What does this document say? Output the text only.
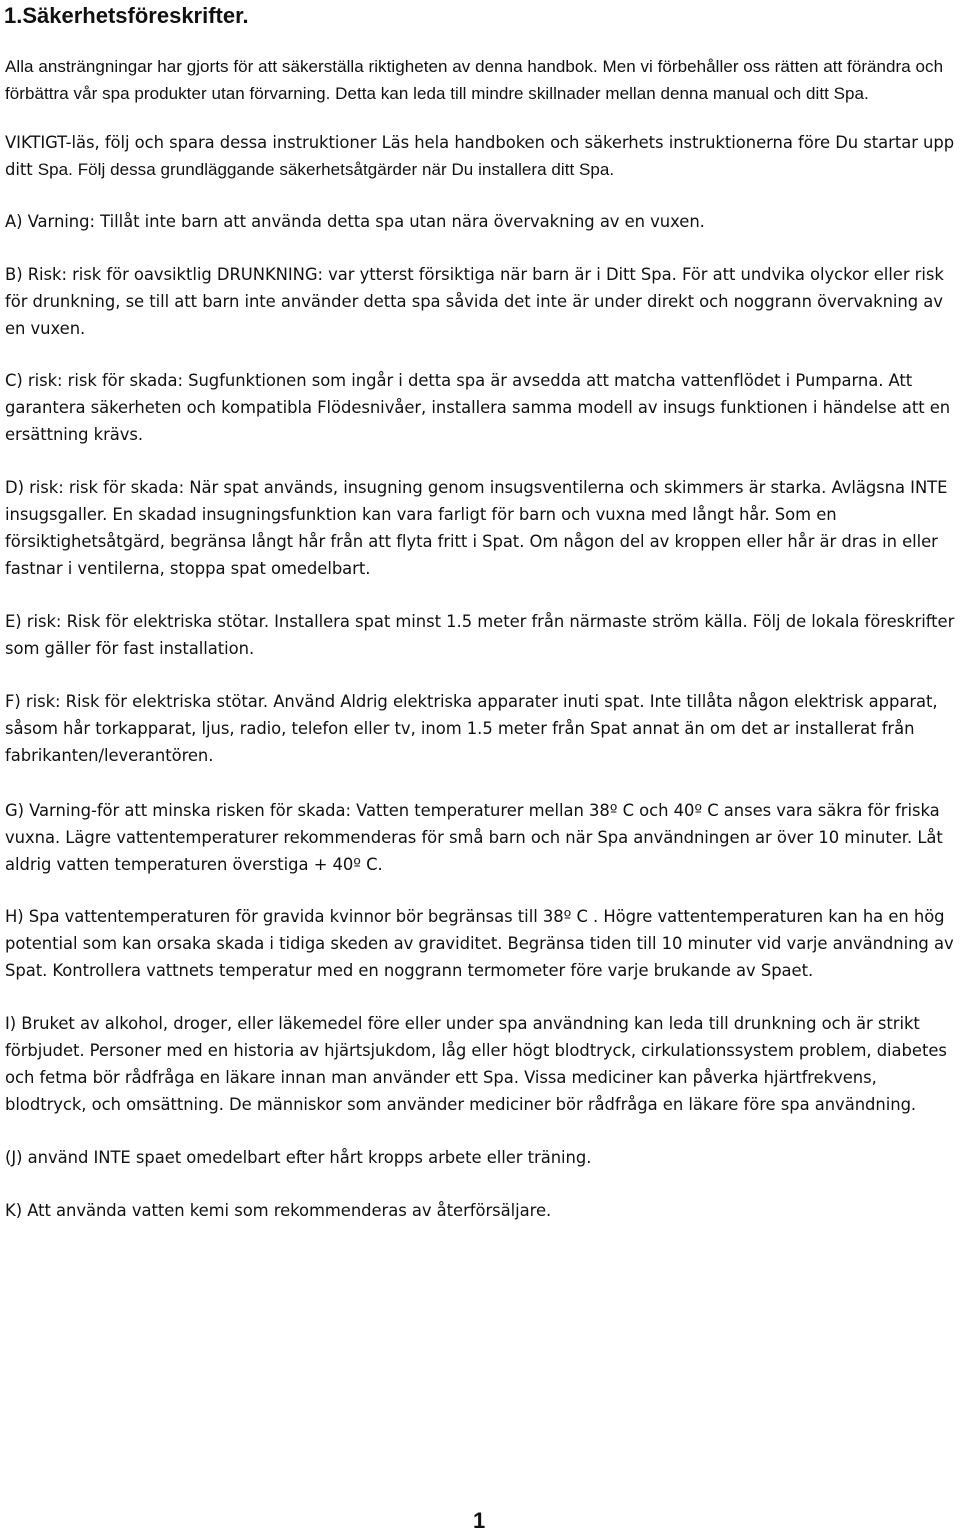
1.Säkerhetsföreskrifter.

Alla ansträngningar har gjorts för att säkerställa riktigheten av denna handbok. Men vi förbehåller oss rätten att förändra och förbättra vår spa produkter utan förvarning. Detta kan leda till mindre skillnader mellan denna manual och ditt Spa.

VIKTIGT-läs, följ och spara dessa instruktioner Läs hela handboken och säkerhets instruktionerna före Du startar upp ditt Spa. Följ dessa grundläggande säkerhetsåtgärder när Du installera ditt Spa.

A) Varning: Tillåt inte barn att använda detta spa utan nära övervakning av en vuxen.

B) Risk: risk för oavsiktlig DRUNKNING: var ytterst försiktiga när barn är i Ditt Spa. För att undvika olyckor eller risk för drunkning, se till att barn inte använder detta spa såvida det inte är under direkt och noggrann övervakning av en vuxen.

C) risk: risk för skada: Sugfunktionen som ingår i detta spa är avsedda att matcha vattenflödet i Pumparna. Att garantera säkerheten och kompatibla Flödesnivåer, installera samma modell av insugs funktionen i händelse att en ersättning krävs.

D) risk: risk för skada: När spat används, insugning genom insugsventilerna och skimmers är starka. Avlägsna INTE insugsgaller. En skadad insugningsfunktion kan vara farligt för barn och vuxna med långt hår. Som en försiktighetsåtgärd, begränsa långt hår från att flyta fritt i Spat. Om någon del av kroppen eller hår är dras in eller fastnar i ventilerna, stoppa spat omedelbart.

E) risk: Risk för elektriska stötar. Installera spat minst 1.5 meter från närmaste ström källa. Följ de lokala föreskrifter som gäller för fast installation.

F) risk: Risk för elektriska stötar. Använd Aldrig elektriska apparater inuti spat. Inte tillåta någon elektrisk apparat, såsom hår torkapparat, ljus, radio, telefon eller tv, inom 1.5 meter från Spat annat än om det ar installerat från fabrikanten/leverantören.

G) Varning-för att minska risken för skada: Vatten temperaturer mellan 38º C och 40º C anses vara säkra för friska vuxna. Lägre vattentemperaturer rekommenderas för små barn och när Spa användningen ar över 10 minuter. Låt aldrig vatten temperaturen överstiga + 40º C.

H) Spa vattentemperaturen för gravida kvinnor bör begränsas till 38º C . Högre vattentemperaturen kan ha en hög potential som kan orsaka skada i tidiga skeden av graviditet. Begränsa tiden till 10 minuter vid varje användning av Spat. Kontrollera vattnets temperatur med en noggrann termometer före varje brukande av Spaet.

I) Bruket av alkohol, droger, eller läkemedel före eller under spa användning kan leda till drunkning och är strikt förbjudet. Personer med en historia av hjärtsjukdom, låg eller högt blodtryck, cirkulationssystem problem, diabetes och fetma bör rådfråga en läkare innan man använder ett Spa. Vissa mediciner kan påverka hjärtfrekvens, blodtryck, och omsättning. De människor som använder mediciner bör rådfråga en läkare före spa användning.

(J) använd INTE spaet omedelbart efter hårt kropps arbete eller träning.

K) Att använda vatten kemi som rekommenderas av återförsäljare.

1
